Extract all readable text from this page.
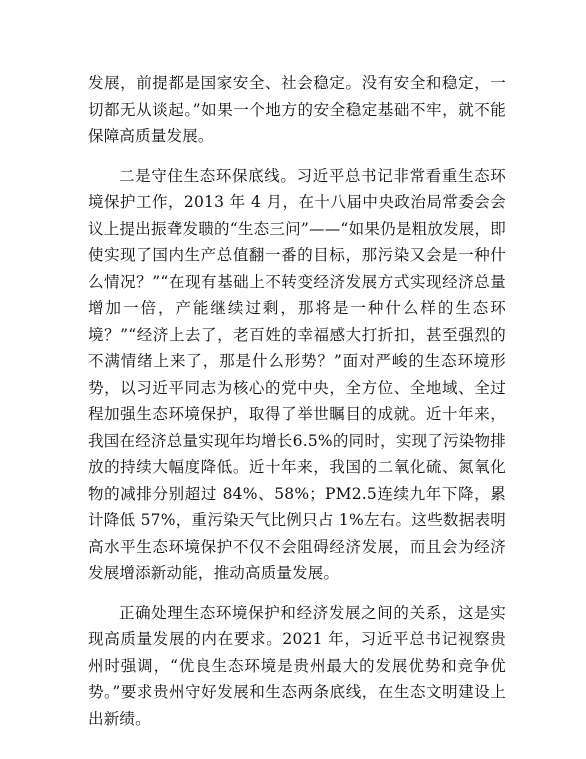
发展，前提都是国家安全、社会稳定。没有安全和稳定，一切都无从谈起。”如果一个地方的安全稳定基础不牢，就不能保障高质量发展。

二是守住生态环保底线。习近平总书记非常看重生态环境保护工作，2013 年 4 月，在十八届中央政治局常委会会议上提出振聋发聩的“生态三问”——“如果仍是粗放发展，即使实现了国内生产总值翻一番的目标，那污染又会是一种什么情况？”“在现有基础上不转变经济发展方式实现经济总量增加一倍，产能继续过剩，那将是一种什么样的生态环境？”“经济上去了，老百姓的幸福感大打折扣，甚至强烈的不满情绪上来了，那是什么形势？”面对严峻的生态环境形势，以习近平同志为核心的党中央，全方位、全地域、全过程加强生态环境保护，取得了举世瞩目的成就。近十年来，我国在经济总量实现年均增长6.5%的同时，实现了污染物排放的持续大幅度降低。近十年来，我国的二氧化硫、氮氧化物的减排分别超过 84%、58%；PM2.5连续九年下降，累计降低 57%，重污染天气比例只占 1%左右。这些数据表明高水平生态环境保护不仅不会阻碍经济发展，而且会为经济发展增添新动能，推动高质量发展。

正确处理生态环境保护和经济发展之间的关系，这是实现高质量发展的内在要求。2021 年，习近平总书记视察贵州时强调，“优良生态环境是贵州最大的发展优势和竞争优势。”要求贵州守好发展和生态两条底线，在生态文明建设上出新绩。
